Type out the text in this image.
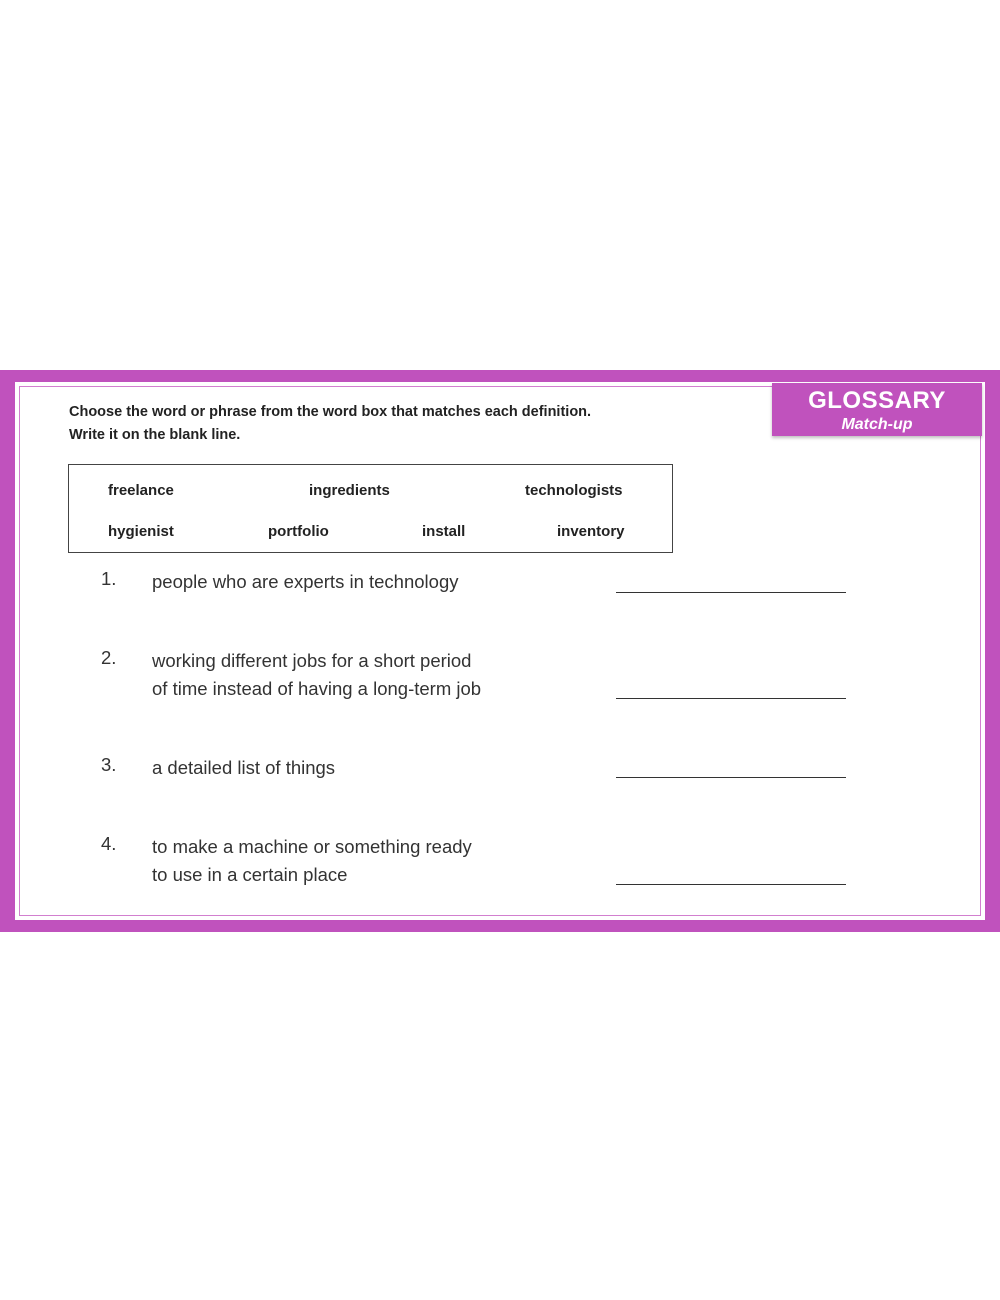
GLOSSARY
Match-up
Choose the word or phrase from the word box that matches each definition.
Write it on the blank line.
freelance	ingredients	technologists
hygienist	portfolio	install	inventory
1. people who are experts in technology
2. working different jobs for a short period
of time instead of having a long-term job
3. a detailed list of things
4. to make a machine or something ready
to use in a certain place
